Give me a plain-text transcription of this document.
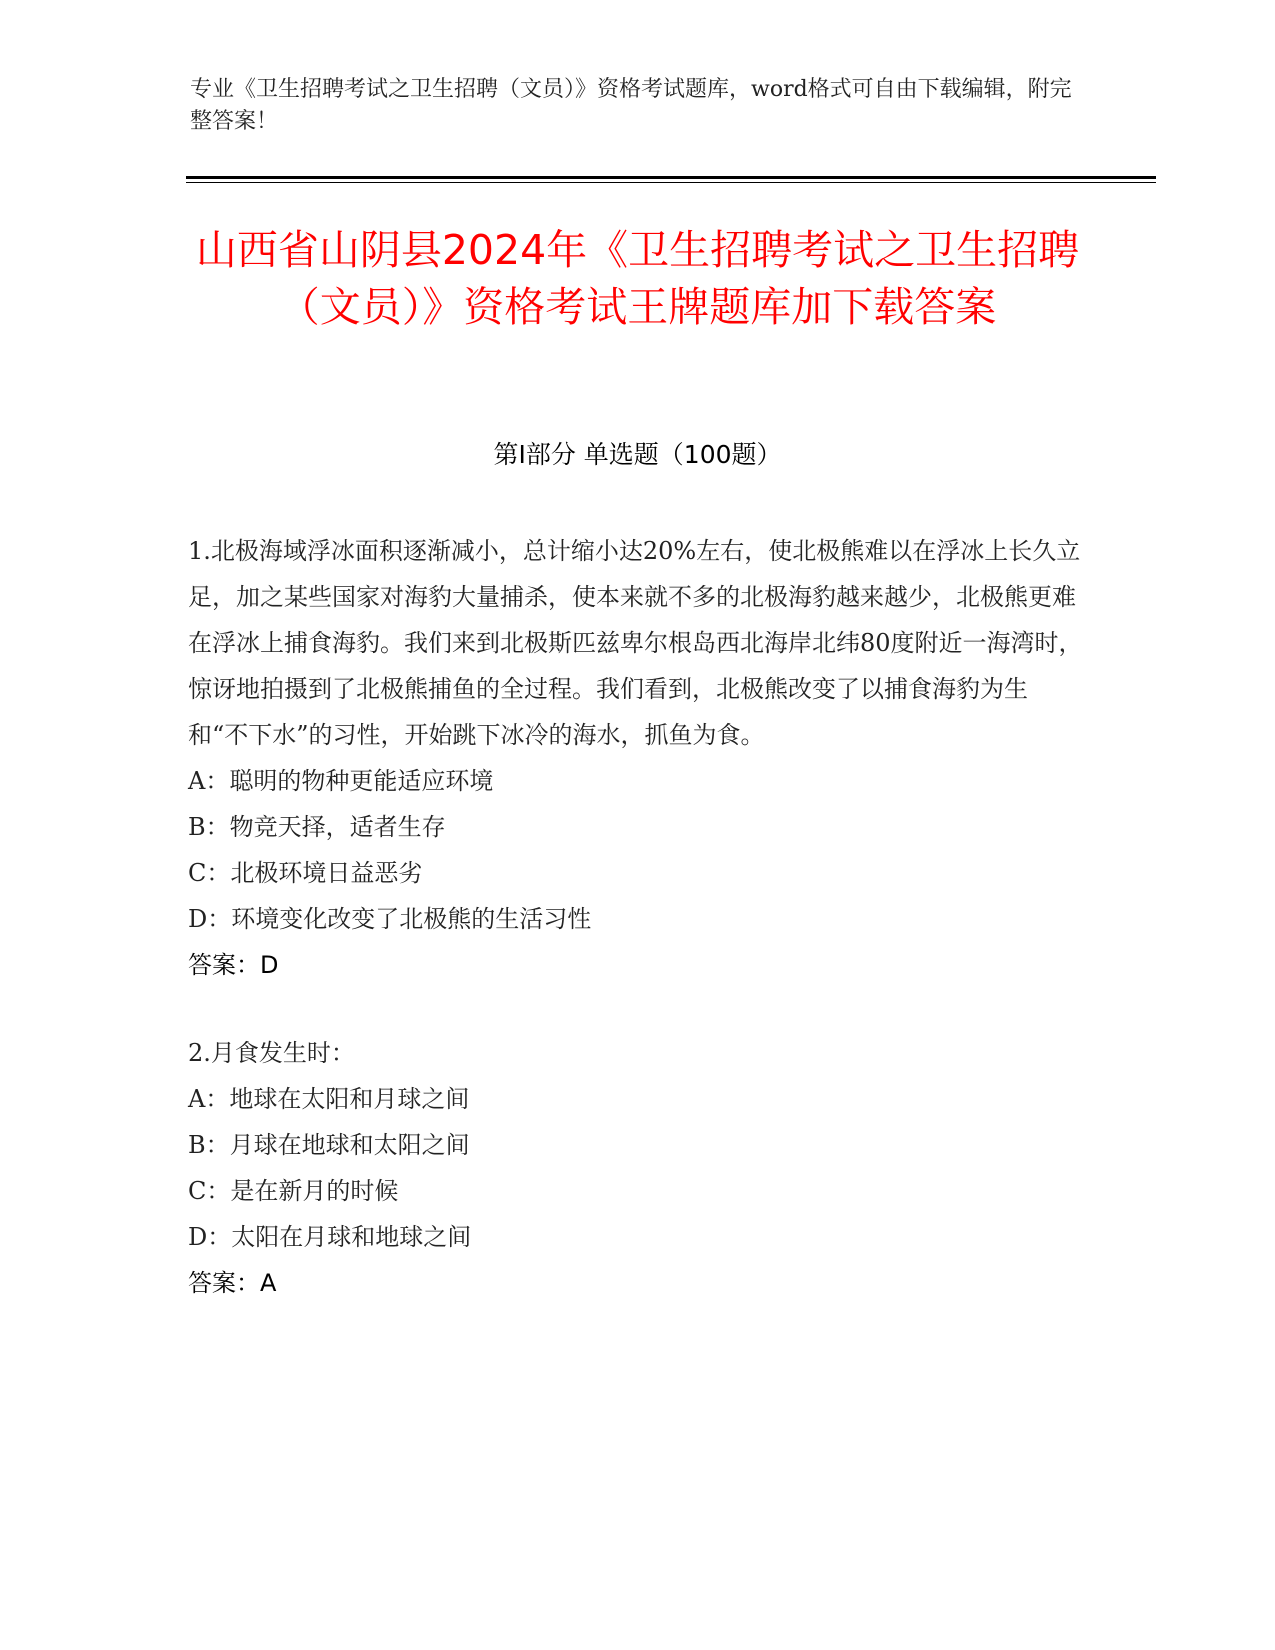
专业《卫生招聘考试之卫生招聘（文员）》资格考试题库，word格式可自由下载编辑，附完整答案！
山西省山阴县2024年《卫生招聘考试之卫生招聘（文员）》资格考试王牌题库加下载答案
第I部分 单选题（100题）

1.北极海域浮冰面积逐渐减小，总计缩小达20%左右，使北极熊难以在浮冰上长久立足，加之某些国家对海豹大量捕杀，使本来就不多的北极海豹越来越少，北极熊更难在浮冰上捕食海豹。我们来到北极斯匹兹卑尔根岛西北海岸北纬80度附近一海湾时，惊讶地拍摄到了北极熊捕鱼的全过程。我们看到，北极熊改变了以捕食海豹为生和“不下水”的习性，开始跳下冰冷的海水，抓鱼为食。

A：聪明的物种更能适应环境

B：物竞天择，适者生存

C：北极环境日益恶劣

D：环境变化改变了北极熊的生活习性

答案：D

2.月食发生时：

A：地球在太阳和月球之间

B：月球在地球和太阳之间

C：是在新月的时候

D：太阳在月球和地球之间

答案：A
